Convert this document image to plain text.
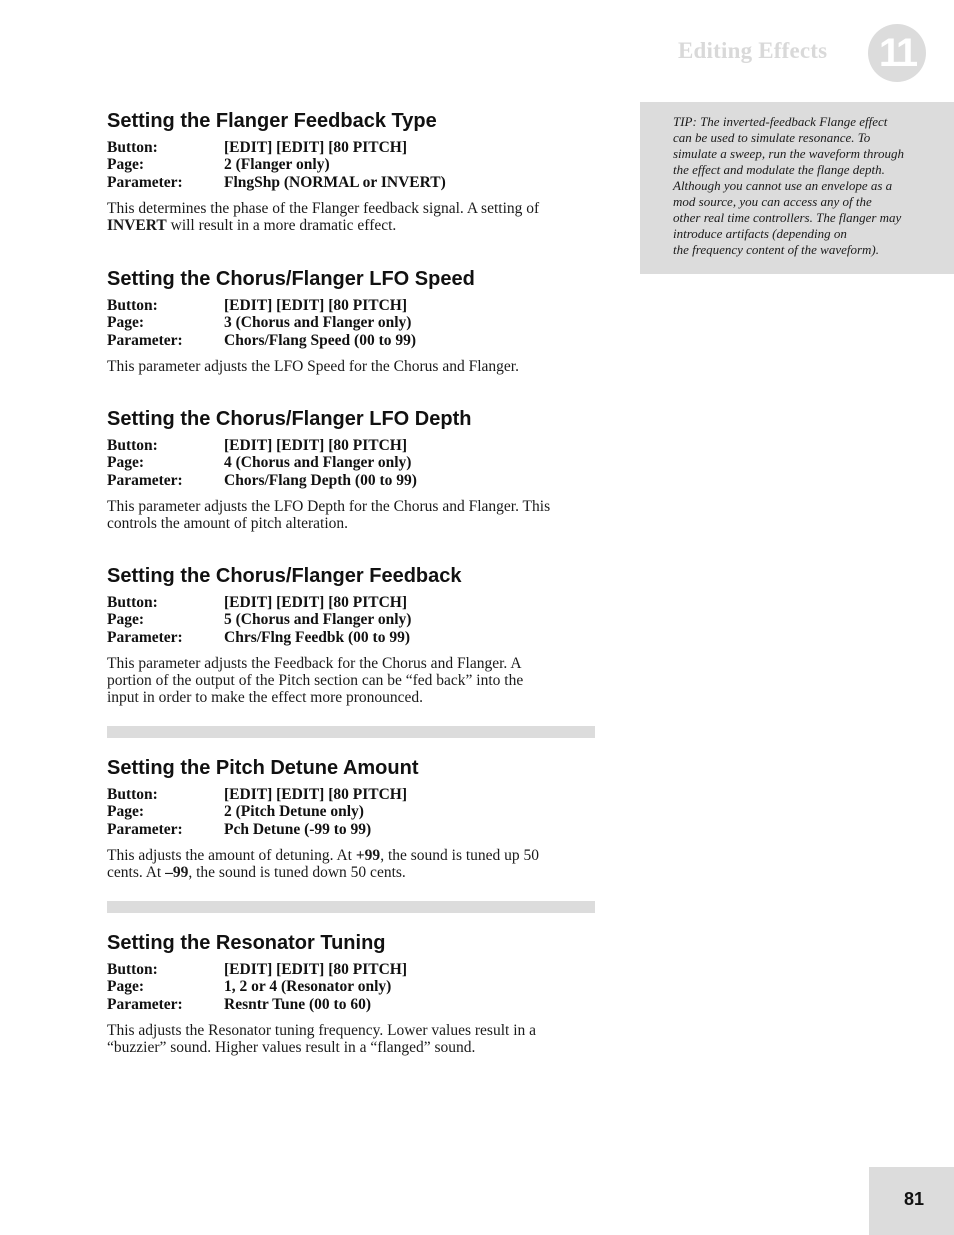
Editing Effects 11
TIP: The inverted-feedback Flange effect
can be used to simulate resonance. To
simulate a sweep, run the waveform through
the effect and modulate the flange depth.
Although you cannot use an envelope as a
mod source, you can access any of the
other real time controllers. The flanger may
introduce artifacts (depending on
the frequency content of the waveform).
Setting the Flanger Feedback Type
Button:	[EDIT] [EDIT] [80 PITCH]
Page:	2 (Flanger only)
Parameter:	FlngShp (NORMAL or INVERT)
This determines the phase of the Flanger feedback signal. A setting of
INVERT will result in a more dramatic effect.
Setting the Chorus/Flanger LFO Speed
Button:	[EDIT] [EDIT] [80 PITCH]
Page:	3 (Chorus and Flanger only)
Parameter:	Chors/Flang Speed (00 to 99)
This parameter adjusts the LFO Speed for the Chorus and Flanger.
Setting the Chorus/Flanger LFO Depth
Button:	[EDIT] [EDIT] [80 PITCH]
Page:	4 (Chorus and Flanger only)
Parameter:	Chors/Flang Depth (00 to 99)
This parameter adjusts the LFO Depth for the Chorus and Flanger. This
controls the amount of pitch alteration.
Setting the Chorus/Flanger Feedback
Button:	[EDIT] [EDIT] [80 PITCH]
Page:	5 (Chorus and Flanger only)
Parameter:	Chrs/Flng Feedbk (00 to 99)
This parameter adjusts the Feedback for the Chorus and Flanger. A
portion of the output of the Pitch section can be “fed back” into the
input in order to make the effect more pronounced.
Setting the Pitch Detune Amount
Button:	[EDIT] [EDIT] [80 PITCH]
Page:	2 (Pitch Detune only)
Parameter:	Pch Detune (-99 to 99)
This adjusts the amount of detuning. At +99, the sound is tuned up 50
cents. At –99, the sound is tuned down 50 cents.
Setting the Resonator Tuning
Button:	[EDIT] [EDIT] [80 PITCH]
Page:	1, 2 or 4 (Resonator only)
Parameter:	Resntr Tune (00 to 60)
This adjusts the Resonator tuning frequency. Lower values result in a
“buzzier” sound. Higher values result in a “flanged” sound.
81
